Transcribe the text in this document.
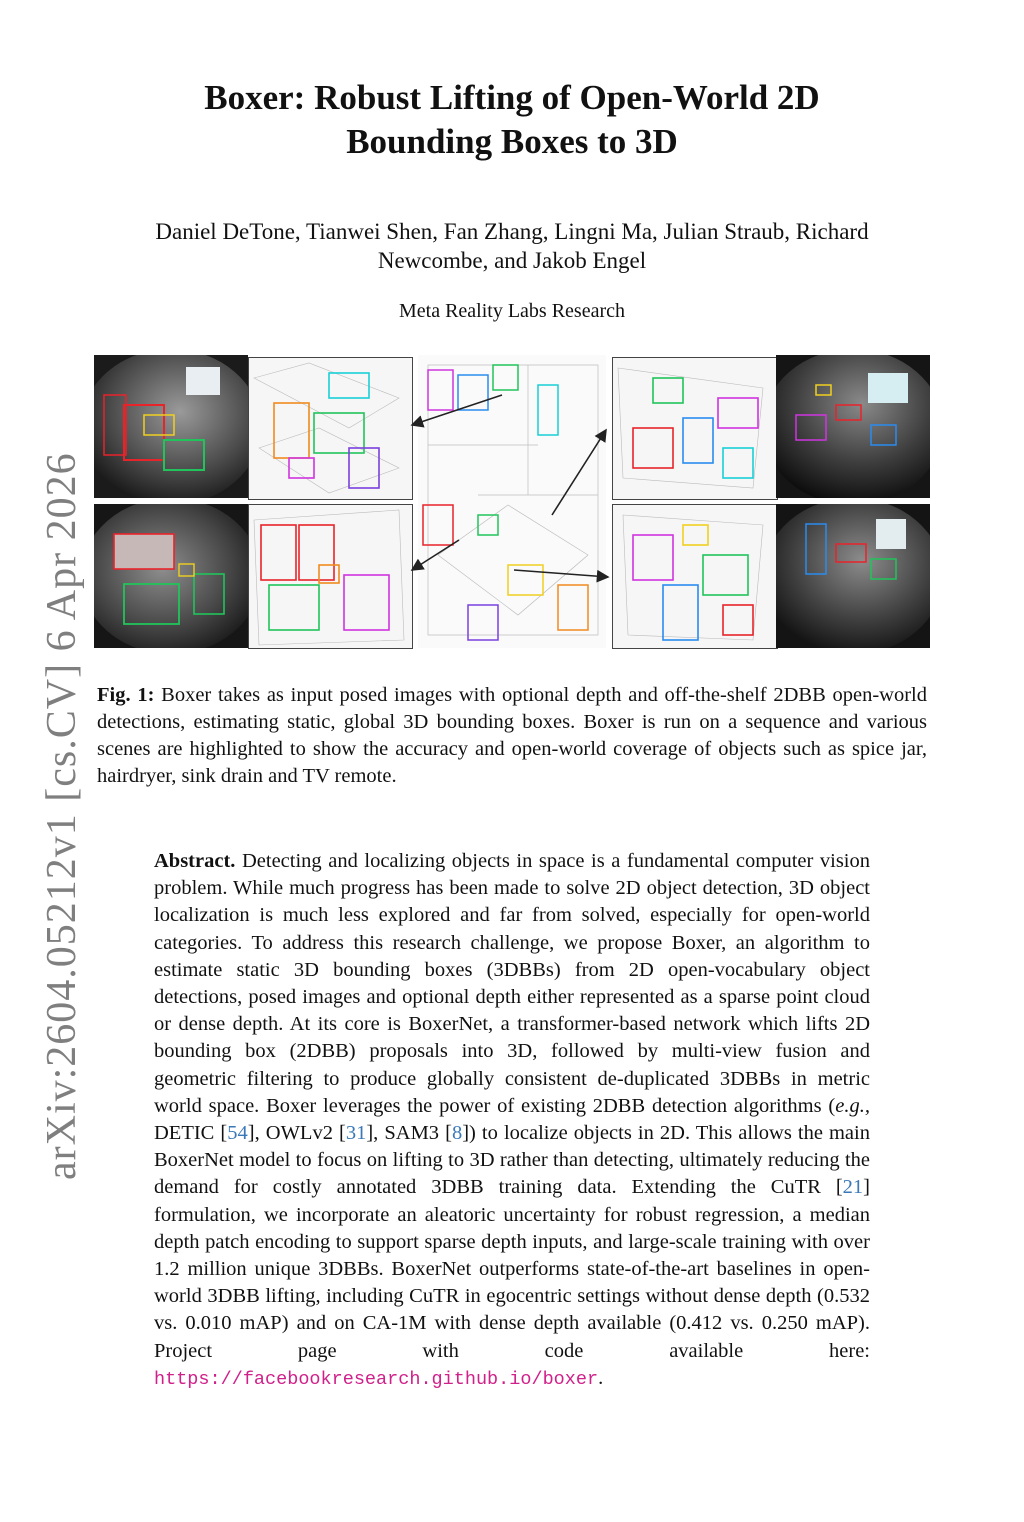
arXiv:2604.05212v1 [cs.CV] 6 Apr 2026
Boxer: Robust Lifting of Open-World 2D
Bounding Boxes to 3D
Daniel DeTone, Tianwei Shen, Fan Zhang, Lingni Ma, Julian Straub, Richard
Newcombe, and Jakob Engel
Meta Reality Labs Research
Fig. 1: Boxer takes as input posed images with optional depth and off-the-shelf 2DBB open-world detections, estimating static, global 3D bounding boxes. Boxer is run on a sequence and various scenes are highlighted to show the accuracy and open-world coverage of objects such as spice jar, hairdryer, sink drain and TV remote.
Abstract. Detecting and localizing objects in space is a fundamental computer vision problem. While much progress has been made to solve 2D object detection, 3D object localization is much less explored and far from solved, especially for open-world categories. To address this research challenge, we propose Boxer, an algorithm to estimate static 3D bounding boxes (3DBBs) from 2D open-vocabulary object detections, posed images and optional depth either represented as a sparse point cloud or dense depth. At its core is BoxerNet, a transformer-based network which lifts 2D bounding box (2DBB) proposals into 3D, followed by multi-view fusion and geometric filtering to produce globally consistent de-duplicated 3DBBs in metric world space. Boxer leverages the power of existing 2DBB detection algorithms (e.g., DETIC [54], OWLv2 [31], SAM3 [8]) to localize objects in 2D. This allows the main BoxerNet model to focus on lifting to 3D rather than detecting, ultimately reducing the demand for costly annotated 3DBB training data. Extending the CuTR [21] formulation, we incorporate an aleatoric uncertainty for robust regression, a median depth patch encoding to support sparse depth inputs, and large-scale training with over 1.2 million unique 3DBBs. BoxerNet outperforms state-of-the-art baselines in open-world 3DBB lifting, including CuTR in egocentric settings without dense depth (0.532 vs. 0.010 mAP) and on CA-1M with dense depth available (0.412 vs. 0.250 mAP). Project page with code available here: https://facebookresearch.github.io/boxer.
